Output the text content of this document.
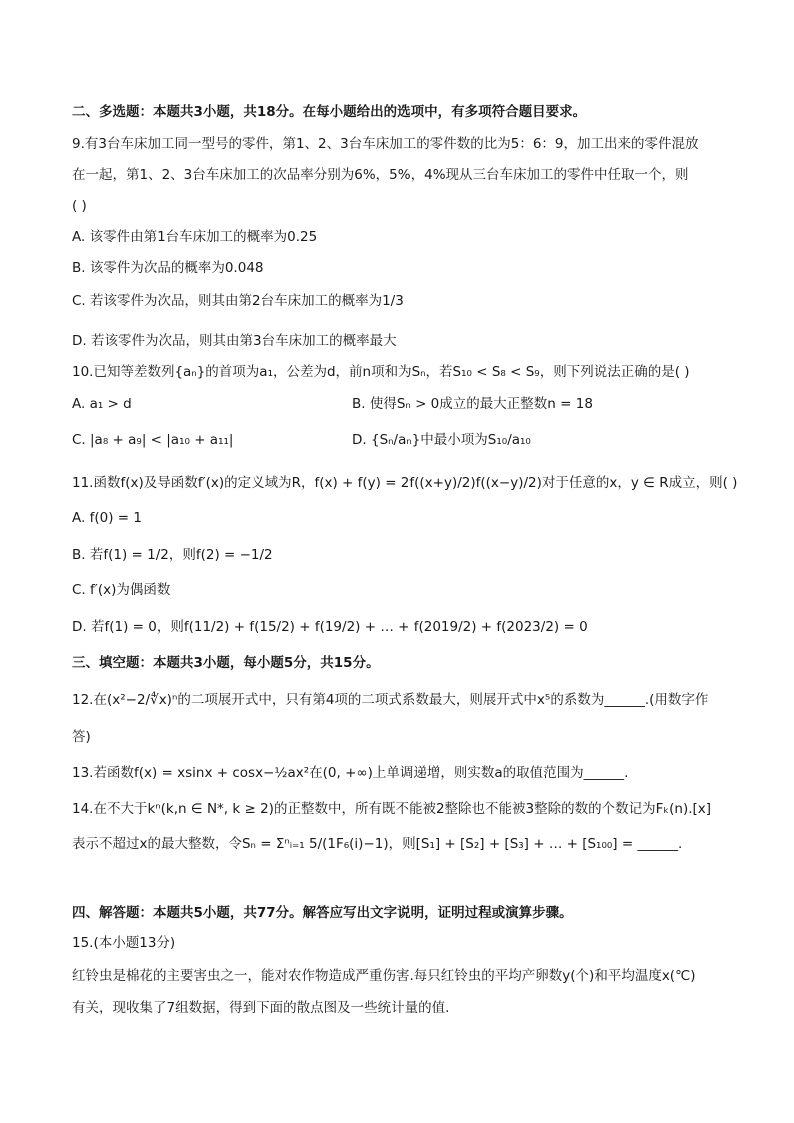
二、多选题：本题共3小题，共18分。在每小题给出的选项中，有多项符合题目要求。
9.有3台车床加工同一型号的零件，第1、2、3台车床加工的零件数的比为5：6：9，加工出来的零件混放
在一起，第1、2、3台车床加工的次品率分别为6%，5%，4%现从三台车床加工的零件中任取一个，则
( )
A. 该零件由第1台车床加工的概率为0.25
B. 该零件为次品的概率为0.048
C. 若该零件为次品，则其由第2台车床加工的概率为1/3
D. 若该零件为次品，则其由第3台车床加工的概率最大
10.已知等差数列{aₙ}的首项为a₁，公差为d，前n项和为Sₙ，若S₁₀ < S₈ < S₉，则下列说法正确的是( )
A. a₁ > d	B. 使得Sₙ > 0成立的最大正整数n = 18
C. |a₈ + a₉| < |a₁₀ + a₁₁|	D. {Sₙ/aₙ}中最小项为S₁₀/a₁₀
11.函数f(x)及导函数f′(x)的定义域为R，f(x) + f(y) = 2f((x+y)/2)f((x−y)/2)对于任意的x，y ∈ R成立，则( )
A. f(0) = 1
B. 若f(1) = 1/2，则f(2) = −1/2
C. f′(x)为偶函数
D. 若f(1) = 0，则f(11/2) + f(15/2) + f(19/2) + … + f(2019/2) + f(2023/2) = 0
三、填空题：本题共3小题，每小题5分，共15分。
12.在(x²−2/∜x)ⁿ的二项展开式中，只有第4项的二项式系数最大，则展开式中x⁵的系数为______.(用数字作
答)
13.若函数f(x) = xsinx + cosx−½ax²在(0, +∞)上单调递增，则实数a的取值范围为______.
14.在不大于kⁿ(k,n ∈ N*, k ≥ 2)的正整数中，所有既不能被2整除也不能被3整除的数的个数记为Fₖ(n).[x]
表示不超过x的最大整数，令Sₙ = Σⁿᵢ₌₁ 5/(1F₆(i)−1)，则[S₁] + [S₂] + [S₃] + … + [S₁₀₀] = ______.
四、解答题：本题共5小题，共77分。解答应写出文字说明，证明过程或演算步骤。
15.(本小题13分)
红铃虫是棉花的主要害虫之一，能对农作物造成严重伤害.每只红铃虫的平均产卵数y(个)和平均温度x(℃)
有关，现收集了7组数据，得到下面的散点图及一些统计量的值.
